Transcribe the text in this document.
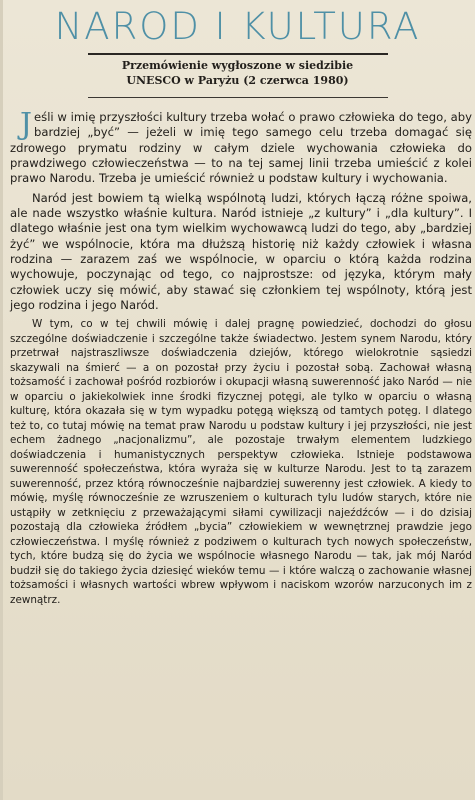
NAROD I KULTURA
Przemówienie wygłoszone w siedzibie
UNESCO w Paryżu (2 czerwca 1980)

Jeśli w imię przyszłości kultury trzeba wołać o prawo człowieka do tego, aby bardziej „być” — jeżeli w imię tego samego celu trzeba domagać się zdrowego prymatu rodziny w całym dziele wychowania człowieka do prawdziwego człowieczeństwa — to na tej samej linii trzeba umieścić z kolei prawo Narodu. Trzeba je umieścić również u podstaw kultury i wychowania.

Naród jest bowiem tą wielką wspólnotą ludzi, których łączą różne spoiwa, ale nade wszystko właśnie kultura. Naród istnieje „z kultury” i „dla kultury”. I dlatego właśnie jest ona tym wielkim wychowawcą ludzi do tego, aby „bardziej żyć” we wspólnocie, która ma dłuższą historię niż każdy człowiek i własna rodzina — zarazem zaś we wspólnocie, w oparciu o którą każda rodzina wychowuje, poczynając od tego, co najprostsze: od języka, którym mały człowiek uczy się mówić, aby stawać się członkiem tej wspólnoty, którą jest jego rodzina i jego Naród.

W tym, co w tej chwili mówię i dalej pragnę powiedzieć, dochodzi do głosu szczególne doświadczenie i szczególne także świadectwo. Jestem synem Narodu, który przetrwał najstraszliwsze doświadczenia dziejów, którego wielokrotnie sąsiedzi skazywali na śmierć — a on pozostał przy życiu i pozostał sobą. Zachował własną tożsamość i zachował pośród rozbiorów i okupacji własną suwerenność jako Naród — nie w oparciu o jakiekolwiek inne środki fizycznej potęgi, ale tylko w oparciu o własną kulturę, która okazała się w tym wypadku potęgą większą od tamtych potęg. I dlatego też to, co tutaj mówię na temat praw Narodu u podstaw kultury i jej przyszłości, nie jest echem żadnego „nacjonalizmu”, ale pozostaje trwałym elementem ludzkiego doświadczenia i humanistycznych perspektyw człowieka. Istnieje podstawowa suwerenność społeczeństwa, która wyraża się w kulturze Narodu. Jest to tą zarazem suwerenność, przez którą równocześnie najbardziej suwerenny jest człowiek. A kiedy to mówię, myślę równocześnie ze wzruszeniem o kulturach tylu ludów starych, które nie ustąpiły w zetknięciu z przeważającymi siłami cywilizacji najeźdźców — i do dzisiaj pozostają dla człowieka źródłem „bycia” człowiekiem w wewnętrznej prawdzie jego człowieczeństwa. I myślę również z podziwem o kulturach tych nowych społeczeństw, tych, które budzą się do życia we wspólnocie własnego Narodu — tak, jak mój Naród budził się do takiego życia dziesięć wieków temu — i które walczą o zachowanie własnej tożsamości i własnych wartości wbrew wpływom i naciskom wzorów narzuconych im z zewnątrz.
